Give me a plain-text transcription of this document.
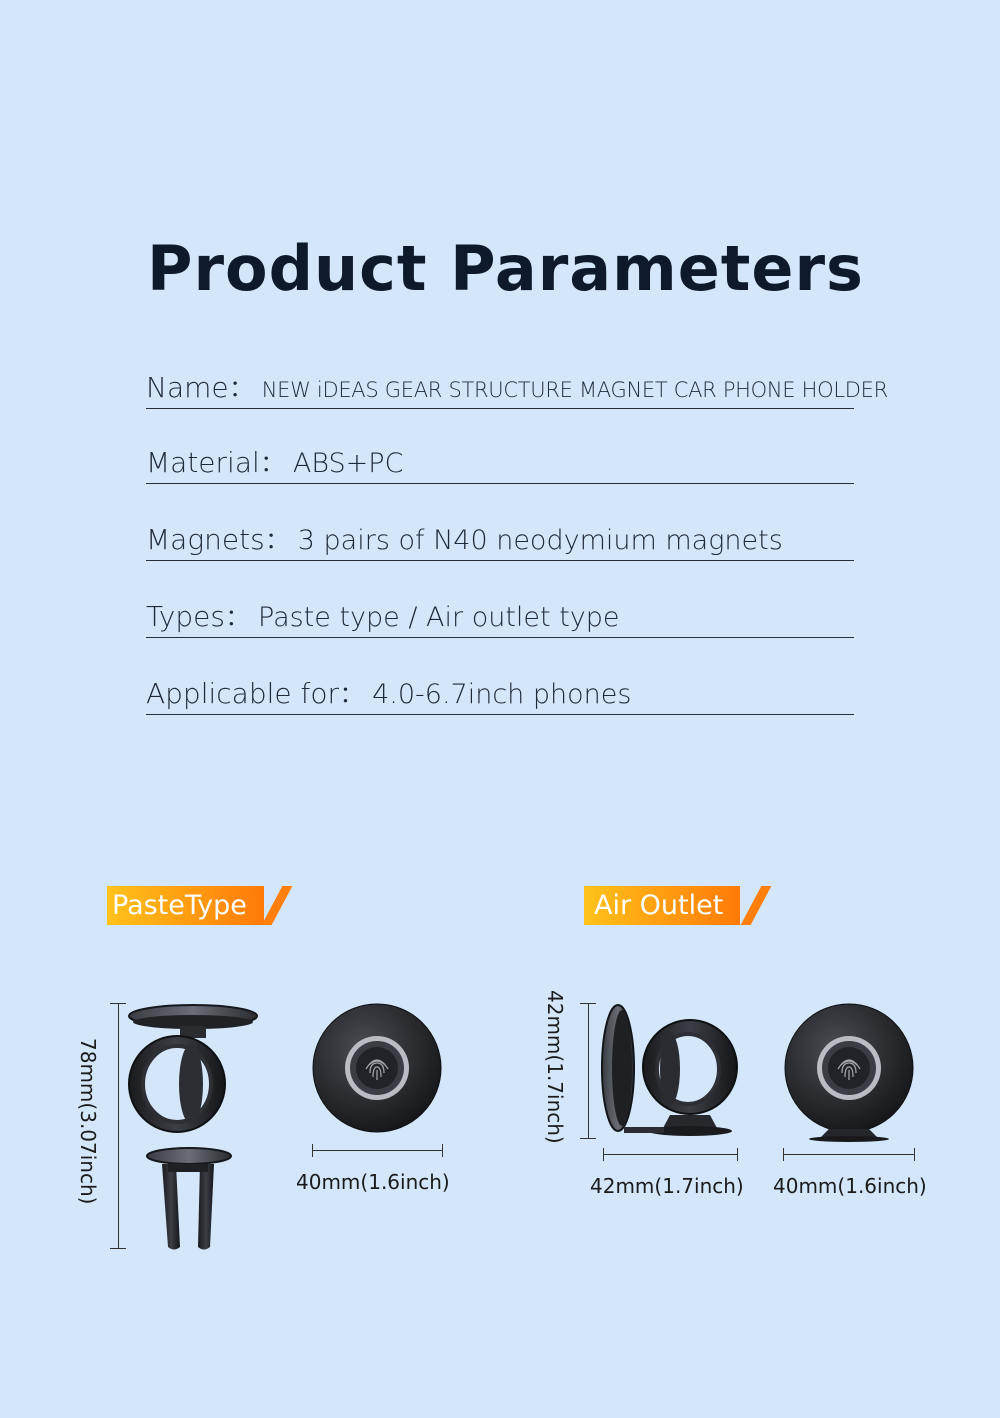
Product Parameters
Name： NEW iDEAS GEAR STRUCTURE MAGNET CAR PHONE HOLDER
Material： ABS+PC
Magnets： 3 pairs of N40 neodymium magnets
Types： Paste type / Air outlet type
Applicable for： 4.0-6.7inch phones
PasteType	Air Outlet
78mm(3.07inch)	40mm(1.6inch)
42mm(1.7inch)
42mm(1.7inch) 40mm(1.6inch)
